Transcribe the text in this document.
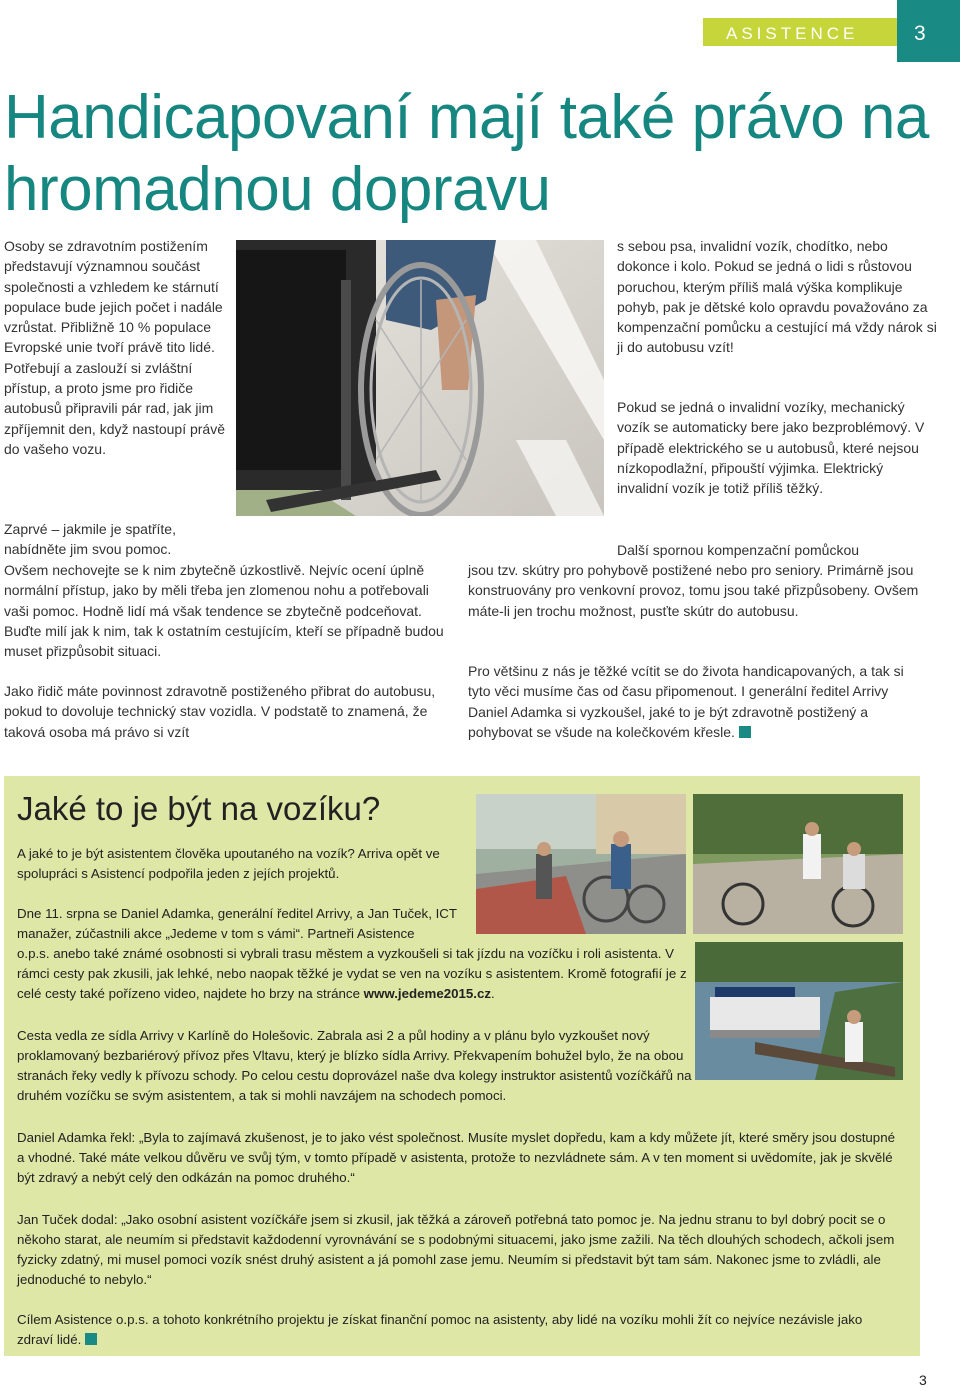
ASISTENCE	3
Handicapovaní mají také právo na hromadnou dopravu

Osoby se zdravotním postižením představují významnou součást společnosti a vzhledem ke stárnutí populace bude jejich počet i nadále vzrůstat. Přibližně 10 % populace Evropské unie tvoří právě tito lidé. Potřebují a zaslouží si zvláštní přístup, a proto jsme pro řidiče autobusů připravili pár rad, jak jim zpříjemnit den, když nastoupí právě do vašeho vozu.

Zaprvé – jakmile je spatříte, nabídněte jim svou pomoc.

Ovšem nechovejte se k nim zbytečně úzkostlivě. Nejvíc ocení úplně normální přístup, jako by měli třeba jen zlomenou nohu a potřebovali vaši pomoc. Hodně lidí má však tendence se zbytečně podceňovat. Buďte milí jak k nim, tak k ostatním cestujícím, kteří se případně budou muset přizpůsobit situaci.

Jako řidič máte povinnost zdravotně postiženého přibrat do autobusu, pokud to dovoluje technický stav vozidla. V podstatě to znamená, že taková osoba má právo si vzít

s sebou psa, invalidní vozík, chodítko, nebo dokonce i kolo. Pokud se jedná o lidi s růstovou poruchou, kterým příliš malá výška komplikuje pohyb, pak je dětské kolo opravdu považováno za kompenzační pomůcku a cestující má vždy nárok si ji do autobusu vzít!

Pokud se jedná o invalidní vozíky, mechanický vozík se automaticky bere jako bezproblémový. V případě elektrického se u autobusů, které nejsou nízkopodlažní, připouští výjimka. Elektrický invalidní vozík je totiž příliš těžký.

Další spornou kompenzační pomůckou

jsou tzv. skútry pro pohybově postižené nebo pro seniory. Primárně jsou konstruovány pro venkovní provoz, tomu jsou také přizpůsobeny. Ovšem máte-li jen trochu možnost, pusťte skútr do autobusu.

Pro většinu z nás je těžké vcítit se do života handicapovaných, a tak si tyto věci musíme čas od času připomenout. I generální ředitel Arrivy Daniel Adamka si vyzkoušel, jaké to je být zdravotně postižený a pohybovat se všude na kolečkovém křesle.

Jaké to je být na vozíku?

A jaké to je být asistentem člověka upoutaného na vozík? Arriva opět ve spolupráci s Asistencí podpořila jeden z jejích projektů.

Dne 11. srpna se Daniel Adamka, generální ředitel Arrivy, a Jan Tuček, ICT manažer, zúčastnili akce „Jedeme v tom s vámi“. Partneři Asistence

o.p.s. anebo také známé osobnosti si vybrali trasu městem a vyzkoušeli si tak jízdu na vozíčku i roli asistenta. V rámci cesty pak zkusili, jak lehké, nebo naopak těžké je vydat se ven na vozíku s asistentem. Kromě fotografií je z celé cesty také pořízeno video, najdete ho brzy na stránce www.jedeme2015.cz.

Cesta vedla ze sídla Arrivy v Karlíně do Holešovic. Zabrala asi 2 a půl hodiny a v plánu bylo vyzkoušet nový proklamovaný bezbariérový přívoz přes Vltavu, který je blízko sídla Arrivy. Překvapením bohužel bylo, že na obou stranách řeky vedly k přívozu schody. Po celou cestu doprovázel naše dva kolegy instruktor asistentů vozíčkářů na druhém vozíčku se svým asistentem, a tak si mohli navzájem na schodech pomoci.

Daniel Adamka řekl: „Byla to zajímavá zkušenost, je to jako vést společnost. Musíte myslet dopředu, kam a kdy můžete jít, které směry jsou dostupné a vhodné. Také máte velkou důvěru ve svůj tým, v tomto případě v asistenta, protože to nezvládnete sám. A v ten moment si uvědomíte, jak je skvělé být zdravý a nebýt celý den odkázán na pomoc druhého.“

Jan Tuček dodal: „Jako osobní asistent vozíčkáře jsem si zkusil, jak těžká a zároveň potřebná tato pomoc je. Na jednu stranu to byl dobrý pocit se o někoho starat, ale neumím si představit každodenní vyrovnávání se s podobnými situacemi, jako jsme zažili. Na těch dlouhých schodech, ačkoli jsem fyzicky zdatný, mi musel pomoci vozík snést druhý asistent a já pomohl zase jemu. Neumím si představit být tam sám. Nakonec jsme to zvládli, ale jednoduché to nebylo.“

Cílem Asistence o.p.s. a tohoto konkrétního projektu je získat finanční pomoc na asistenty, aby lidé na vozíku mohli žít co nejvíce nezávisle jako zdraví lidé.

3
